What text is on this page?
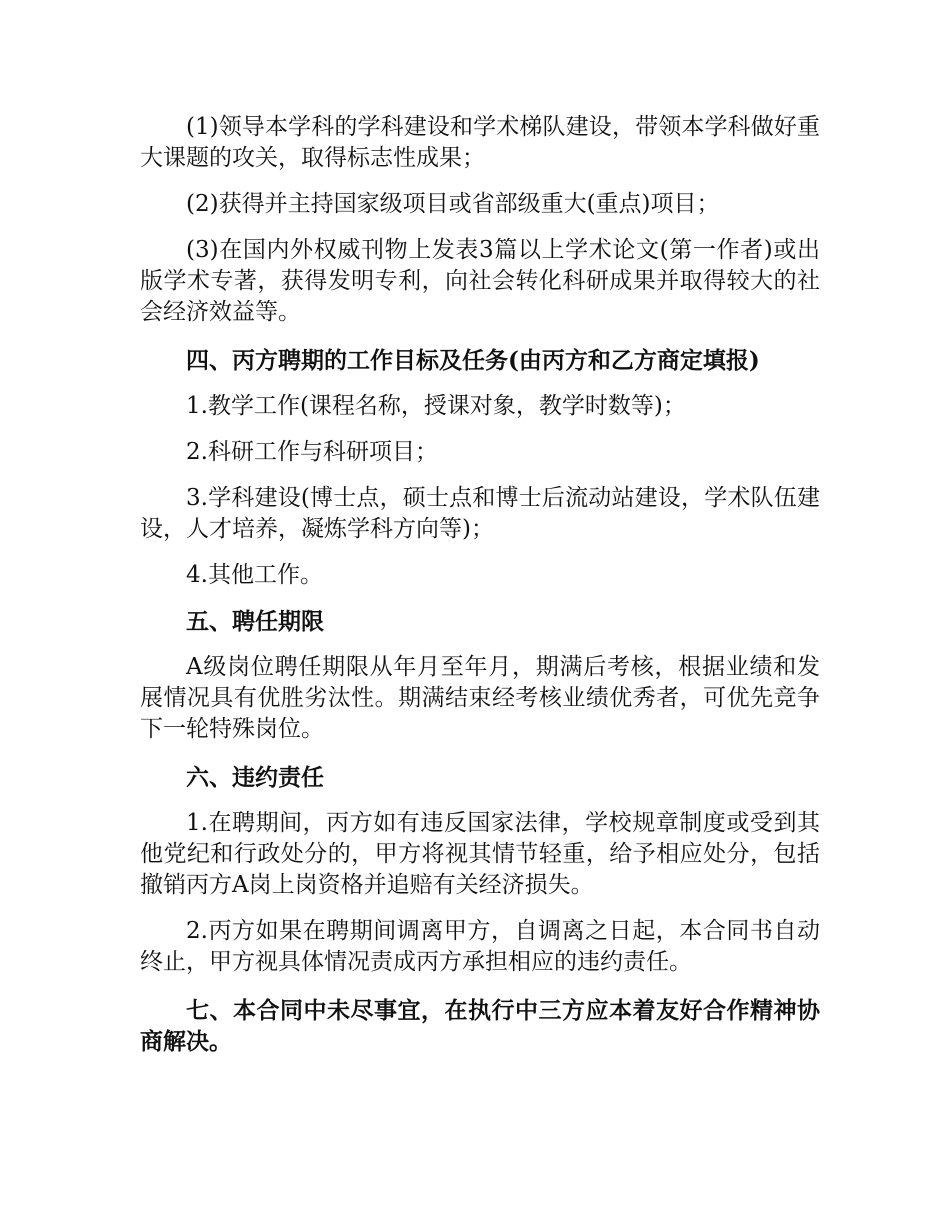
(1)领导本学科的学科建设和学术梯队建设，带领本学科做好重大课题的攻关，取得标志性成果；

(2)获得并主持国家级项目或省部级重大(重点)项目；

(3)在国内外权威刊物上发表3篇以上学术论文(第一作者)或出版学术专著，获得发明专利，向社会转化科研成果并取得较大的社会经济效益等。

四、丙方聘期的工作目标及任务(由丙方和乙方商定填报)

1.教学工作(课程名称，授课对象，教学时数等)；

2.科研工作与科研项目；

3.学科建设(博士点，硕士点和博士后流动站建设，学术队伍建设，人才培养，凝炼学科方向等)；

4.其他工作。

五、聘任期限

A级岗位聘任期限从年月至年月，期满后考核，根据业绩和发展情况具有优胜劣汰性。期满结束经考核业绩优秀者，可优先竞争下一轮特殊岗位。

六、违约责任

1.在聘期间，丙方如有违反国家法律，学校规章制度或受到其他党纪和行政处分的，甲方将视其情节轻重，给予相应处分，包括撤销丙方A岗上岗资格并追赔有关经济损失。

2.丙方如果在聘期间调离甲方，自调离之日起，本合同书自动终止，甲方视具体情况责成丙方承担相应的违约责任。

七、本合同中未尽事宜，在执行中三方应本着友好合作精神协商解决。
